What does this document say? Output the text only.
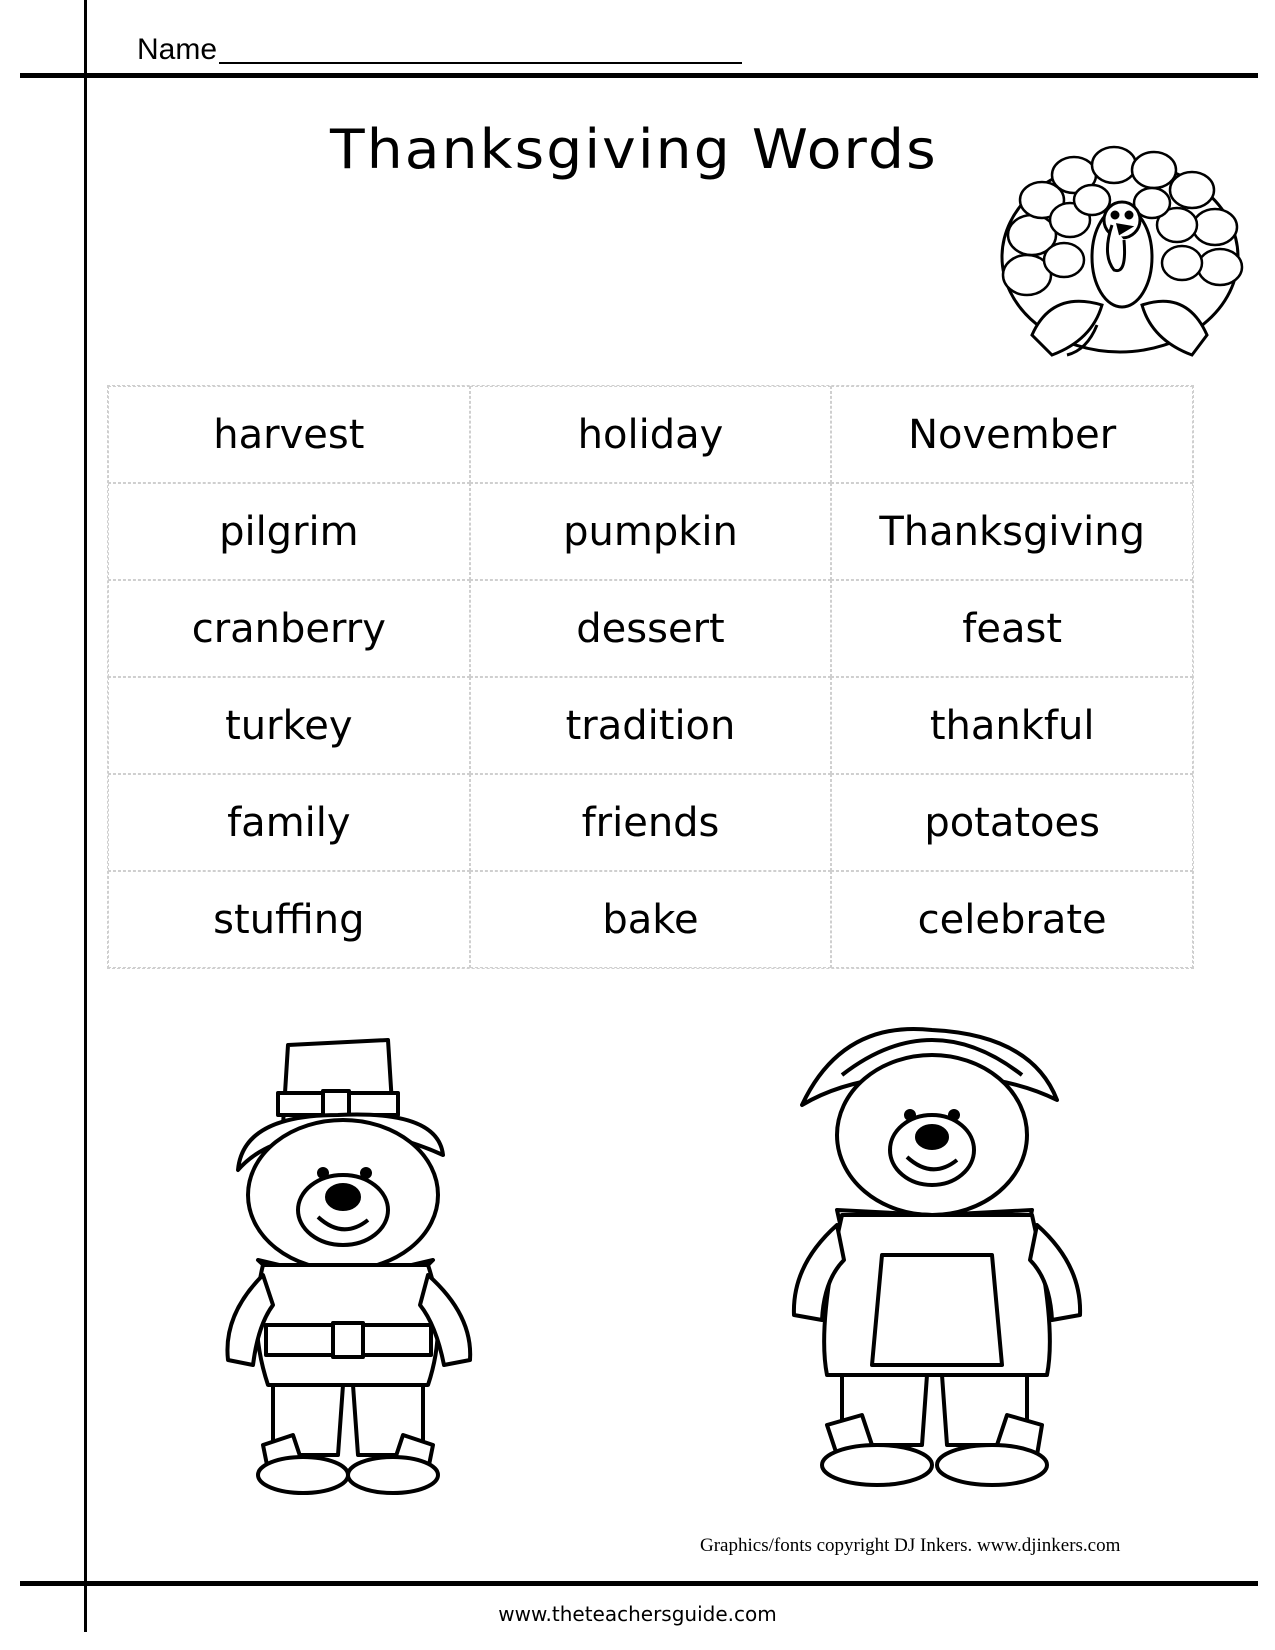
Name
Thanksgiving Words
harvest	holiday	November
pilgrim	pumpkin	Thanksgiving
cranberry	dessert	feast
turkey	tradition	thankful
family	friends	potatoes
stuffing	bake	celebrate
Graphics/fonts copyright DJ Inkers. www.djinkers.com
www.theteachersguide.com
